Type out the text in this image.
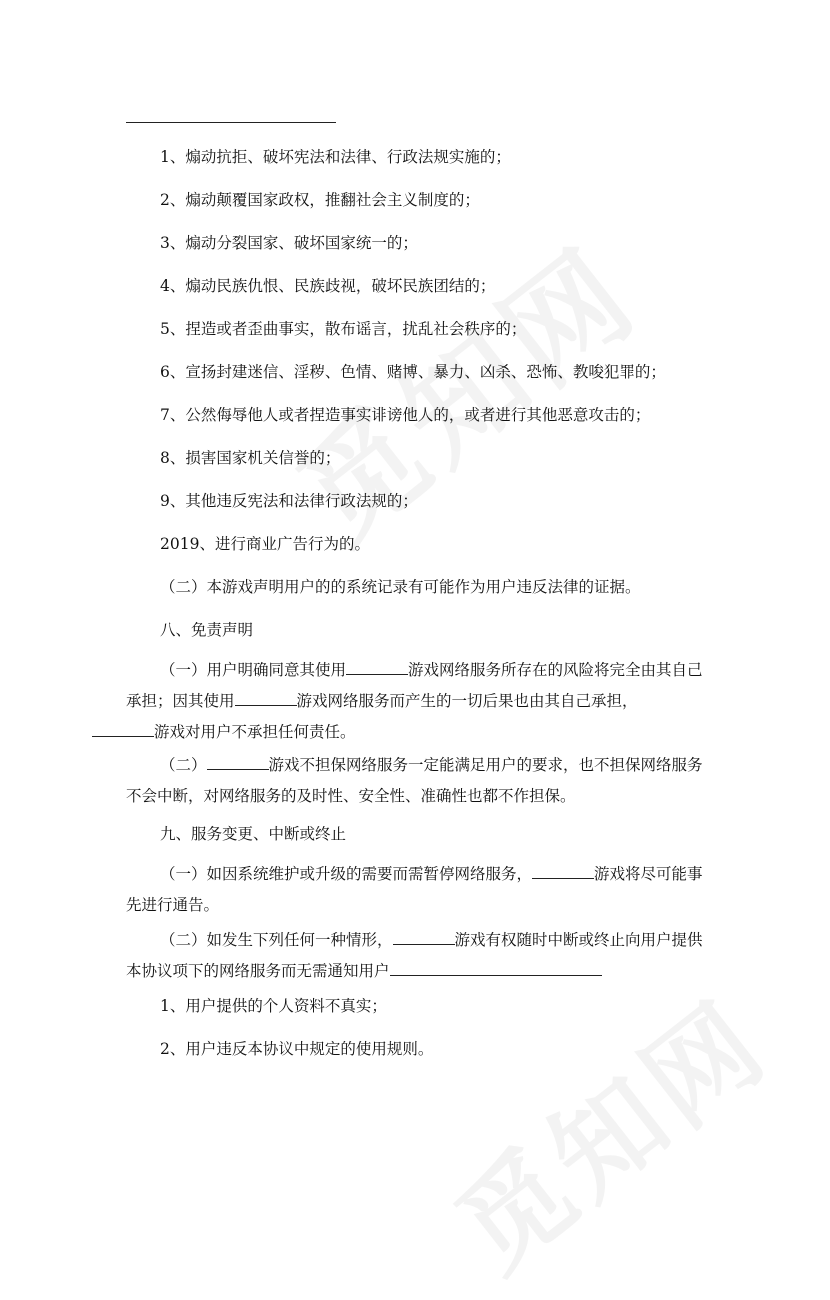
1、煽动抗拒、破坏宪法和法律、行政法规实施的；
2、煽动颠覆国家政权，推翻社会主义制度的；
3、煽动分裂国家、破坏国家统一的；
4、煽动民族仇恨、民族歧视，破坏民族团结的；
5、捏造或者歪曲事实，散布谣言，扰乱社会秩序的；
6、宣扬封建迷信、淫秽、色情、赌博、暴力、凶杀、恐怖、教唆犯罪的；
7、公然侮辱他人或者捏造事实诽谤他人的，或者进行其他恶意攻击的；
8、损害国家机关信誉的；
9、其他违反宪法和法律行政法规的；
2019、进行商业广告行为的。
（二）本游戏声明用户的的系统记录有可能作为用户违反法律的证据。
八、免责声明
（一）用户明确同意其使用	游戏网络服务所存在的风险将完全由其自己承担；因其使用	游戏网络服务而产生的一切后果也由其自己承担，
游戏对用户不承担任何责任。
（二）	游戏不担保网络服务一定能满足用户的要求，也不担保网络服务不会中断，对网络服务的及时性、安全性、准确性也都不作担保。
九、服务变更、中断或终止
（一）如因系统维护或升级的需要而需暂停网络服务，	游戏将尽可能事先进行通告。
（二）如发生下列任何一种情形，	游戏有权随时中断或终止向用户提供本协议项下的网络服务而无需通知用户
1、用户提供的个人资料不真实；
2、用户违反本协议中规定的使用规则。
